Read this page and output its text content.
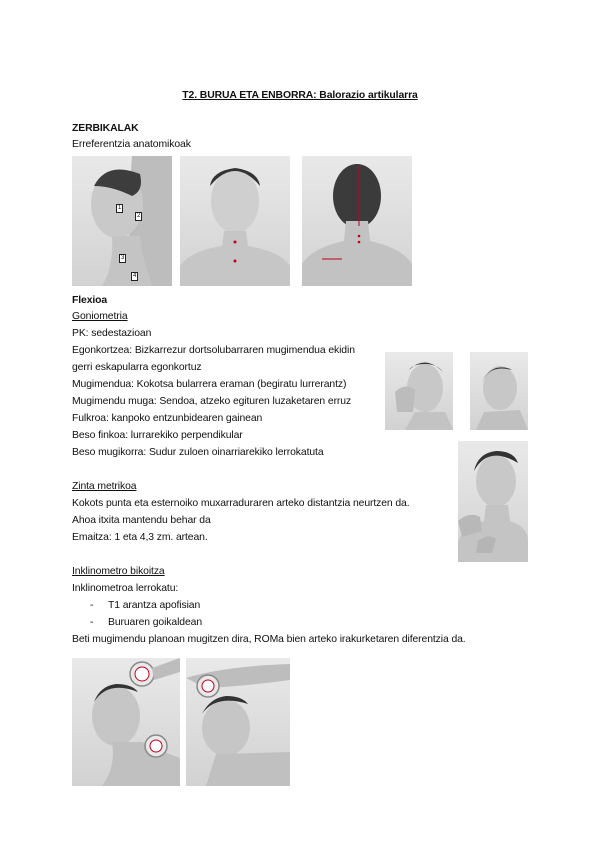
T2. BURUA ETA ENBORRA: Balorazio artikularra
ZERBIKALAK
Erreferentzia anatomikoak
1
2
3
4
Flexioa
Goniometria
PK: sedestazioan
Egonkortzea: Bizkarrezur dortsolubarraren mugimendua ekidin
gerri eskapularra egonkortuz
Mugimendua: Kokotsa bularrera eraman (begiratu lurrerantz)
Mugimendu muga: Sendoa, atzeko egituren luzaketaren erruz
Fulkroa: kanpoko entzunbidearen gainean
Beso finkoa: lurrarekiko perpendikular
Beso mugikorra: Sudur zuloen oinarriarekiko lerrokatuta
Zinta metrikoa
Kokots punta eta esternoiko muxarraduraren arteko distantzia neurtzen da.
Ahoa itxita mantendu behar da
Emaitza: 1 eta 4,3 zm. artean.
Inklinometro bikoitza
Inklinometroa lerrokatu:
- T1 arantza apofisian
- Buruaren goikaldean
Beti mugimendu planoan mugitzen dira, ROMa bien arteko irakurketaren diferentzia da.
